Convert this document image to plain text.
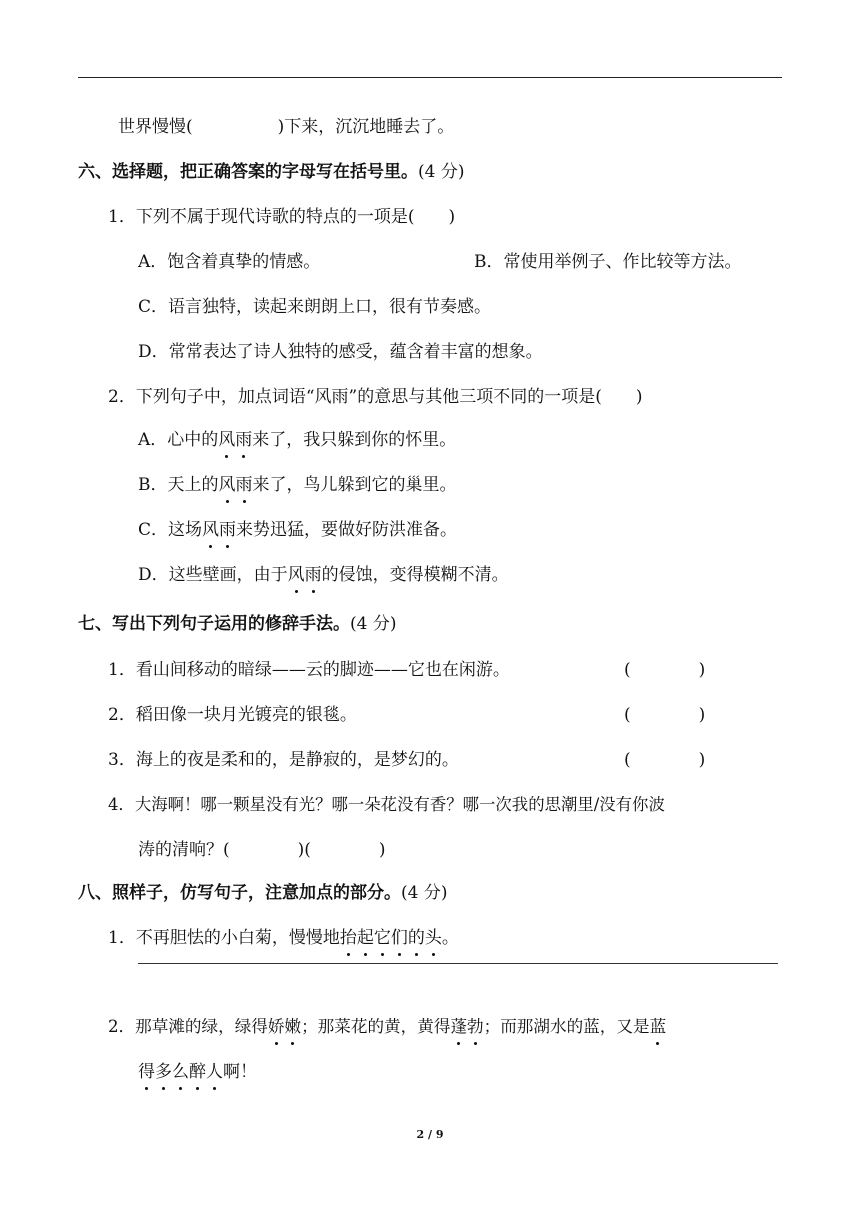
世界慢慢(　　　　　)下来，沉沉地睡去了。
六、选择题，把正确答案的字母写在括号里。(4 分)
1．下列不属于现代诗歌的特点的一项是(　　)
A．饱含着真挚的情感。	B．常使用举例子、作比较等方法。
C．语言独特，读起来朗朗上口，很有节奏感。
D．常常表达了诗人独特的感受，蕴含着丰富的想象。
2．下列句子中，加点词语“风雨”的意思与其他三项不同的一项是(　　)
A．心中的风
雨
来了，我只躲到你的怀里。
B．天上的风
雨
来了，鸟儿躲到它的巢里。
C．这场风
雨
来势迅猛，要做好防洪准备。
D．这些壁画，由于风
雨
的侵蚀，变得模糊不清。
七、写出下列句子运用的修辞手法。(4 分)
1．看山间移动的暗绿——云的脚迹——它也在闲游。	(　　　　)
2．稻田像一块月光镀亮的银毯。	(　　　　)
3．海上的夜是柔和的，是静寂的，是梦幻的。	(　　　　)
4．大海啊！哪一颗星没有光？哪一朵花没有香？哪一次我的思潮里/没有你波
涛的清响？(　　　　)(　　　　)
八、照样子，仿写句子，注意加点的部分。(4 分)
1．不再胆怯的小白菊，慢慢地抬
起
它
们
的
头
。
2．那草滩的绿，绿得娇
嫩
；那菜花的黄，黄得蓬
勃
；而那湖水的蓝，又是蓝
得
多
么
醉
人
啊！
2 / 9
